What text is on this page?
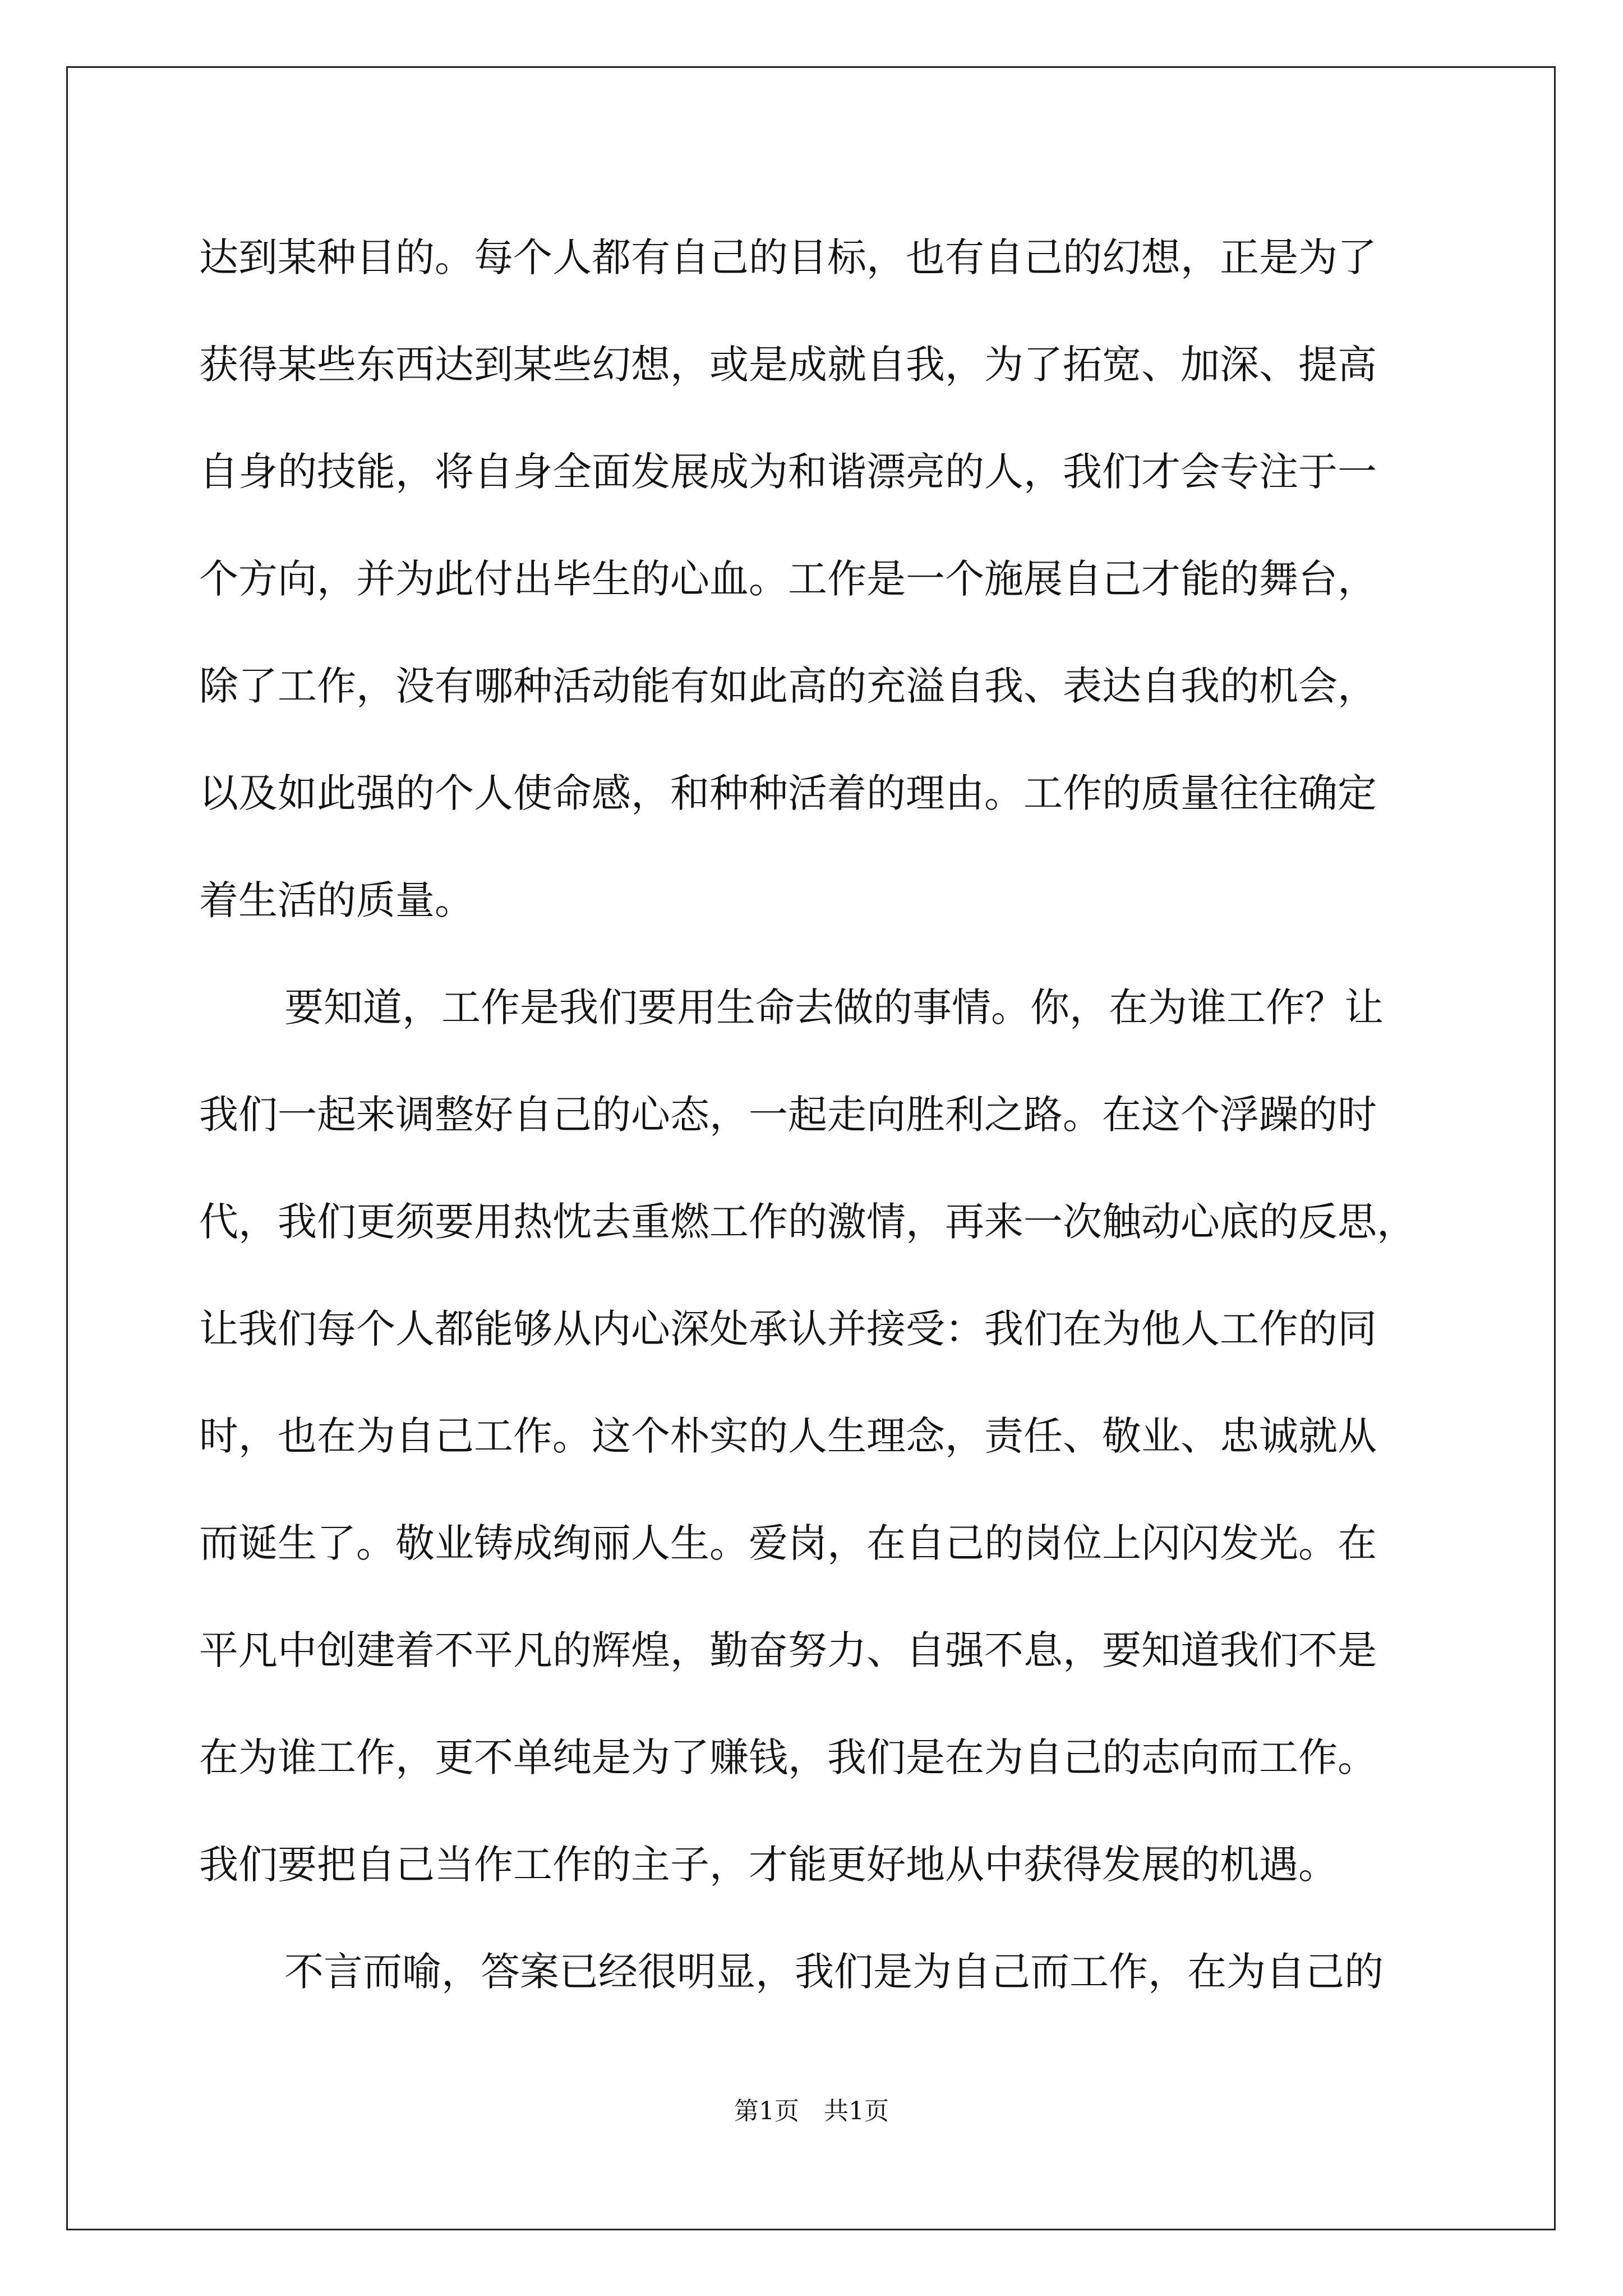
达到某种目的。每个人都有自己的目标，也有自己的幻想，正是为了
获得某些东西达到某些幻想，或是成就自我，为了拓宽、加深、提高
自身的技能，将自身全面发展成为和谐漂亮的人，我们才会专注于一
个方向，并为此付出毕生的心血。工作是一个施展自己才能的舞台，
除了工作，没有哪种活动能有如此高的充溢自我、表达自我的机会，
以及如此强的个人使命感，和种种活着的理由。工作的质量往往确定
着生活的质量。
要知道，工作是我们要用生命去做的事情。你，在为谁工作？让
我们一起来调整好自己的心态，一起走向胜利之路。在这个浮躁的时
代，我们更须要用热忱去重燃工作的激情，再来一次触动心底的反思，
让我们每个人都能够从内心深处承认并接受：我们在为他人工作的同
时，也在为自己工作。这个朴实的人生理念，责任、敬业、忠诚就从
而诞生了。敬业铸成绚丽人生。爱岗，在自己的岗位上闪闪发光。在
平凡中创建着不平凡的辉煌，勤奋努力、自强不息，要知道我们不是
在为谁工作，更不单纯是为了赚钱，我们是在为自己的志向而工作。
我们要把自己当作工作的主子，才能更好地从中获得发展的机遇。
不言而喻，答案已经很明显，我们是为自己而工作，在为自己的
第1页 共1页
